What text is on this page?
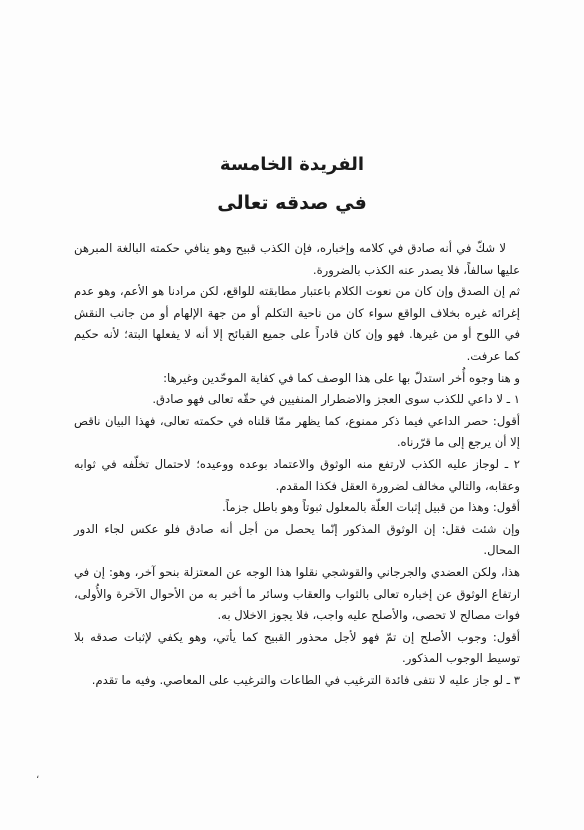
الفريدة الخامسة

في صدقه تعالى

لا شكّ في أنه صادق في كلامه وإخباره، فإن الكذب قبيح وهو ينافي حكمته البالغة المبرهن عليها سالفاً، فلا يصدر عنه الكذب بالضرورة.

ثم إن الصدق وإن كان من نعوت الكلام باعتبار مطابقته للواقع، لكن مرادنا هو الأعم، وهو عدم إغرائه غيره بخلاف الواقع سواء كان من ناحية التكلم أو من جهة الإلهام أو من جانب النقش في اللوح أو من غيرها. فهو وإن كان قادراً على جميع القبائح إلا أنه لا يفعلها البتة؛ لأنه حكيم كما عرفت.

و هنا وجوه أُخر استدلّ بها على هذا الوصف كما في كفاية الموحّدين وغيرها:

١ ـ لا داعي للكذب سوى العجز والاضطرار المنفيين في حقّه تعالى فهو صادق.

أقول: حصر الداعي فيما ذكر ممنوع، كما يظهر ممّا قلناه في حكمته تعالى، فهذا البيان ناقص إلا أن يرجع إلى ما قرّرناه.

٢ ـ لوجاز عليه الكذب لارتفع منه الوثوق والاعتماد بوعده ووعيده؛ لاحتمال تخلّفه في ثوابه وعقابه، والتالي مخالف لضرورة العقل فكذا المقدم.

أقول: وهذا من قبيل إثبات العلّة بالمعلول ثبوتاً وهو باطل جزماً.

وإن شئت فقل: إن الوثوق المذكور إنّما يحصل من أجل أنه صادق فلو عكس لجاء الدور المحال.

هذا، ولكن العضدي والجرجاني والقوشجي نقلوا هذا الوجه عن المعتزلة بنحو آخر، وهو: إن في ارتفاع الوثوق عن إخباره تعالى بالثواب والعقاب وسائر ما أخبر به من الأحوال الآخرة والأُولى، فوات مصالح لا تحصى، والأصلح عليه واجب، فلا يجوز الاخلال به.

أقول: وجوب الأصلح إن تمّ فهو لأجل محذور القبيح كما يأتي، وهو يكفي لإثبات صدقه بلا توسيط الوجوب المذكور.

٣ ـ لو جاز عليه لا نتفى فائدة الترغيب في الطاعات والترغيب على المعاصي. وفيه ما تقدم.

،
